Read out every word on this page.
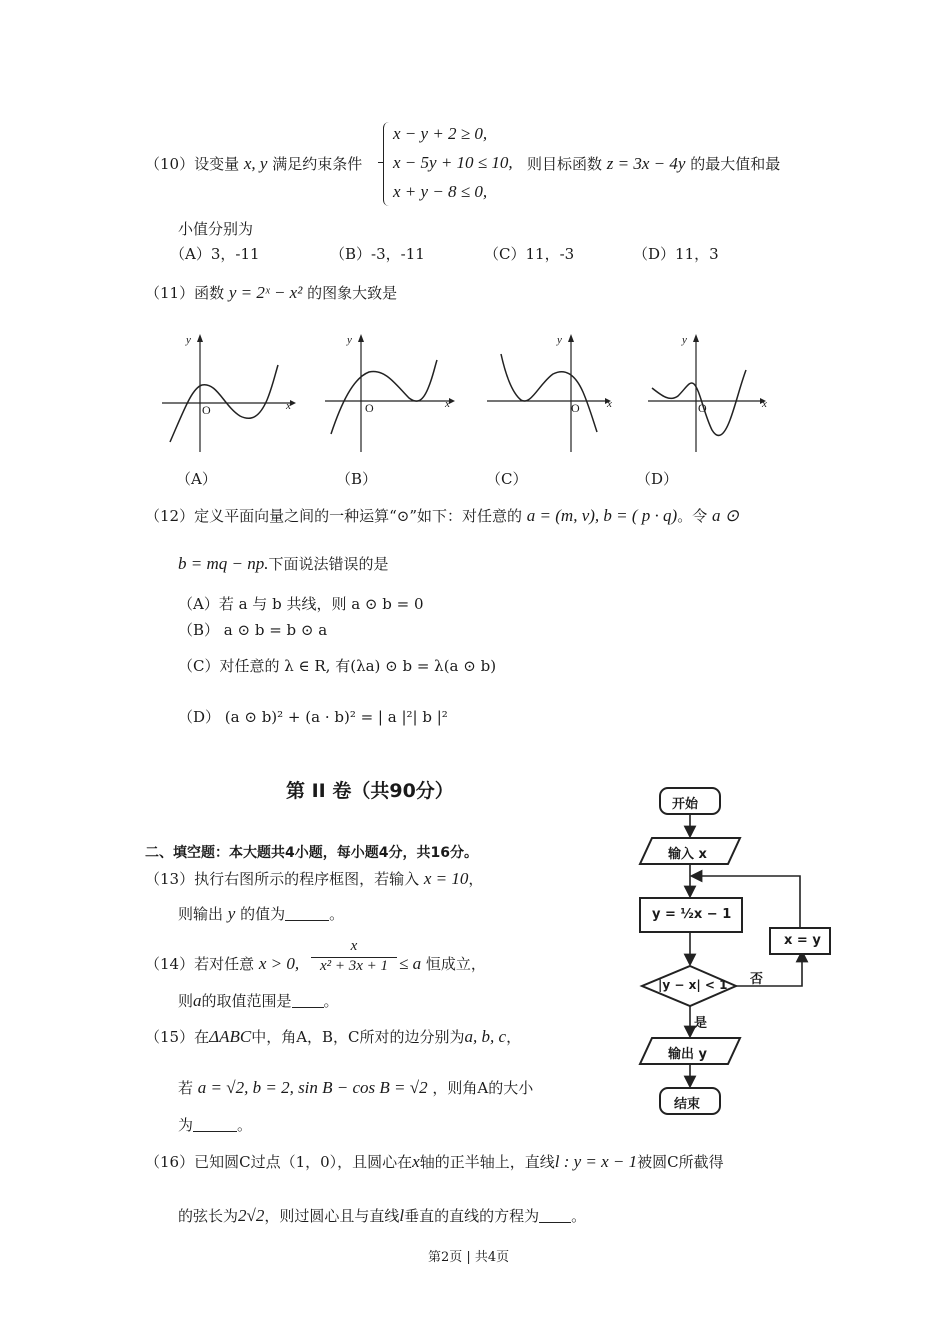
（10）设变量 x, y 满足约束条件
x − y + 2 ≥ 0,
x − 5y + 10 ≤ 10,
x + y − 8 ≤ 0,
则目标函数 z = 3x − 4y 的最大值和最
小值分别为
（A）3，-11	（B）-3，-11	（C）11，-3	（D）11，3
（11）函数 y = 2ˣ − x² 的图象大致是
y
x
O
（A）
y
x
O
（B）
y
x
O
（C）
y
x
O
（D）
（12）定义平面向量之间的一种运算“⊙”如下：对任意的 a = (m, v), b = ( p · q)。令 a ⊙
b = mq − np.下面说法错误的是
（A）若 a 与 b 共线，则 a ⊙ b = 0
（B） a ⊙ b = b ⊙ a
（C）对任意的 λ ∈ R, 有(λa) ⊙ b = λ(a ⊙ b)
（D） (a ⊙ b)² + (a · b)² = | a |²| b |²
第 II 卷（共90分）
二、填空题：本大题共4小题，每小题4分，共16分。
（13）执行右图所示的程序框图，若输入 x = 10，
则输出 y 的值为	。
（14）若对任意 x > 0,
x
x² + 3x + 1 ≤ a 恒成立，
则a的取值范围是 。
（15）在ΔABC中，角A，B，C所对的边分别为a, b, c，
若 a = √2, b = 2, sin B − cos B = √2 ，则角A的大小
为	。
（16）已知圆C过点（1，0），且圆心在x轴的正半轴上，直线l : y = x − 1被圆C所截得
的弦长为2√2，则过圆心且与直线l垂直的直线的方程为 。
开始
输入 x
y = ½x − 1
|y − x| < 1 否
是
x = y
输出 y
结束
第2页 | 共4页
